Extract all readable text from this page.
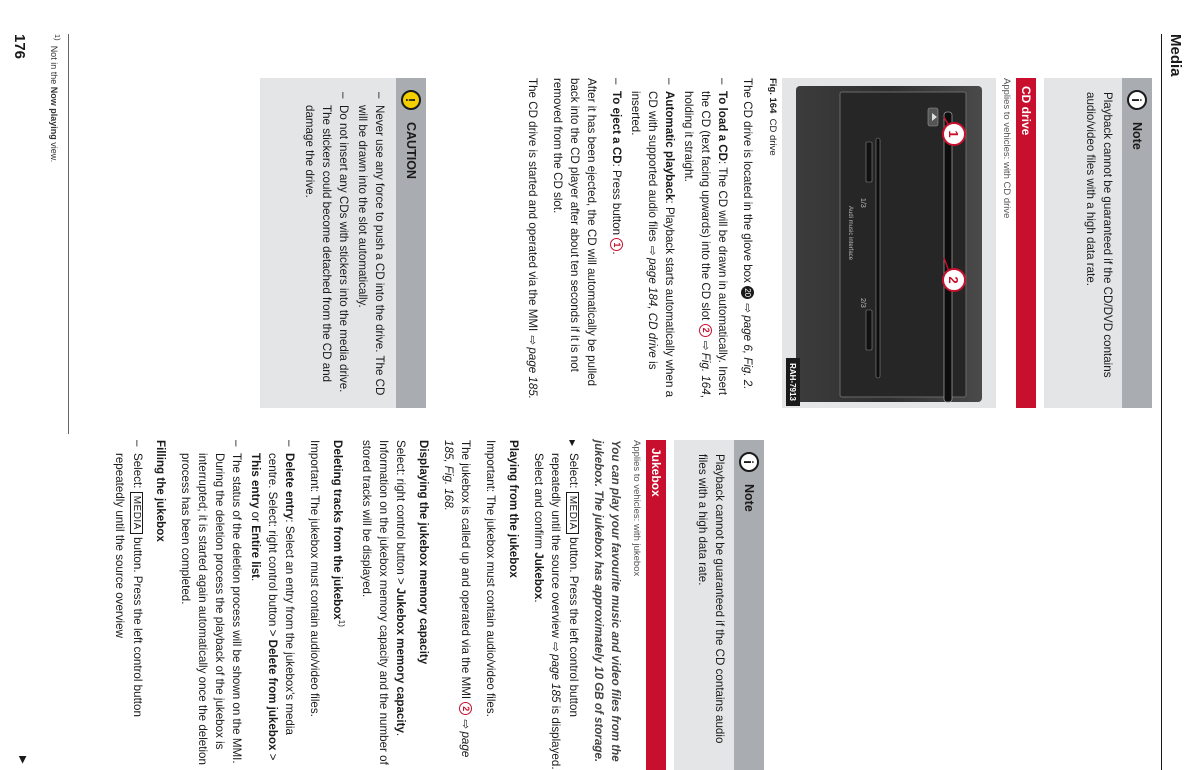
Media
i
Note
Playback cannot be guaranteed if the CD/DVD contains audio/video files with a high data rate.
CD drive
Applies to vehicles: with CD drive
1/3
2/3
Audi music interface
1
2
RAH-7913
Fig. 164  CD drive

The CD drive is located in the glove box 20 ⇨ page 6, Fig. 2.

– To load a CD: The CD will be drawn in automatically. Insert the CD (text facing upwards) into the CD slot 2 ⇨ Fig. 164, holding it straight.
– Automatic playback: Playback starts automatically when a CD with supported audio files ⇨ page 184, CD drive is inserted.
– To eject a CD: Press button 1.

After it has been ejected, the CD will automatically be pulled back into the CD player after about ten seconds if it is not removed from the CD slot.

The CD drive is started and operated via the MMI ⇨ page 185.

!
CAUTION
– Never use any force to push a CD into the drive. The CD will be drawn into the slot automatically.
– Do not insert any CDs with stickers into the media drive. The stickers could become detached from the CD and damage the drive.
$^{1)}$  Not in the Now playing view.
176
i
Note
Playback cannot be guaranteed if the CD contains audio files with a high data rate.
Jukebox
Applies to vehicles: with jukebox

You can play your favourite music and video files from the jukebox. The jukebox has approximately 10 GB of storage.

▶ Select: MEDIA button. Press the left control button repeatedly until the source overview ⇨ page 185 is displayed. Select and confirm Jukebox.

Playing from the jukebox

Important: The jukebox must contain audio/video files.

The jukebox is called up and operated via the MMI 2 ⇨ page 185, Fig. 168.

Displaying the jukebox memory capacity

Select: right control button > Jukebox memory capacity. Information on the jukebox memory capacity and the number of stored tracks will be displayed.

Deleting tracks from the jukebox$^{1)}$

Important: The jukebox must contain audio/video files.

– Delete entry: Select an entry from the jukebox's media centre. Select: right control button > Delete from jukebox > This entry or Entire list.
– The status of the deletion process will be shown on the MMI. During the deletion process the playback of the jukebox is interrupted; it is started again automatically once the deletion process has been completed.
Filling the jukebox
– Select: MEDIA button. Press the left control button repeatedly until the source overview
▶
